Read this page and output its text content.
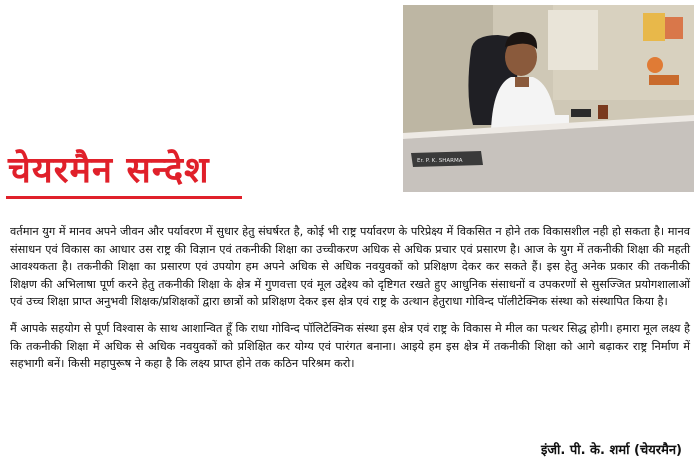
Er. P. K. SHARMA
चेयरमैन सन्देश

वर्तमान युग में मानव अपने जीवन और पर्यावरण में सुधार हेतु संघर्षरत है, कोई भी राष्ट्र पर्यावरण के परिप्रेक्ष्य में विकसित न होने तक विकासशील नही हो सकता है। मानव संसाधन एवं विकास का आधार उस राष्ट्र की विज्ञान एवं तकनीकी शिक्षा का उच्चीकरण अधिक से अधिक प्रचार एवं प्रसारण है। आज के युग में तकनीकी शिक्षा की महती आवश्यकता है। तकनीकी शिक्षा का प्रसारण एवं उपयोग हम अपने अधिक से अधिक नवयुवकों को प्रशिक्षण देकर कर सकते हैं। इस हेतु अनेक प्रकार की तकनीकी शिक्षण की अभिलाषा पूर्ण करने हेतु तकनीकी शिक्षा के क्षेत्र में गुणवत्ता एवं मूल उद्देश्य को दृष्टिगत रखते हुए आधुनिक संसाधनों व उपकरणों से सुसज्जित प्रयोगशालाओं एवं उच्च शिक्षा प्राप्त अनुभवी शिक्षक/प्रशिक्षकों द्वारा छात्रों को प्रशिक्षण देकर इस क्षेत्र एवं राष्ट्र के उत्थान हेतुराधा गोविन्द पॉलीटेक्निक संस्था को संस्थापित किया है।

मैं आपके सहयोग से पूर्ण विश्वास के साथ आशान्वित हूँ कि राधा गोविन्द पॉलिटेक्निक संस्था इस क्षेत्र एवं राष्ट्र के विकास मे मील का पत्थर सिद्ध होगी। हमारा मूल लक्ष्य है कि तकनीकी शिक्षा में अधिक से अधिक नवयुवकों को प्रशिक्षित कर योग्य एवं पारंगत बनाना। आइये हम इस क्षेत्र में तकनीकी शिक्षा को आगे बढ़ाकर राष्ट्र निर्माण में सहभागी बनें। किसी महापुरूष ने कहा है कि लक्ष्य प्राप्त होने तक कठिन परिश्रम करो।

इंजी. पी. के. शर्मा (चेयरमैन)
